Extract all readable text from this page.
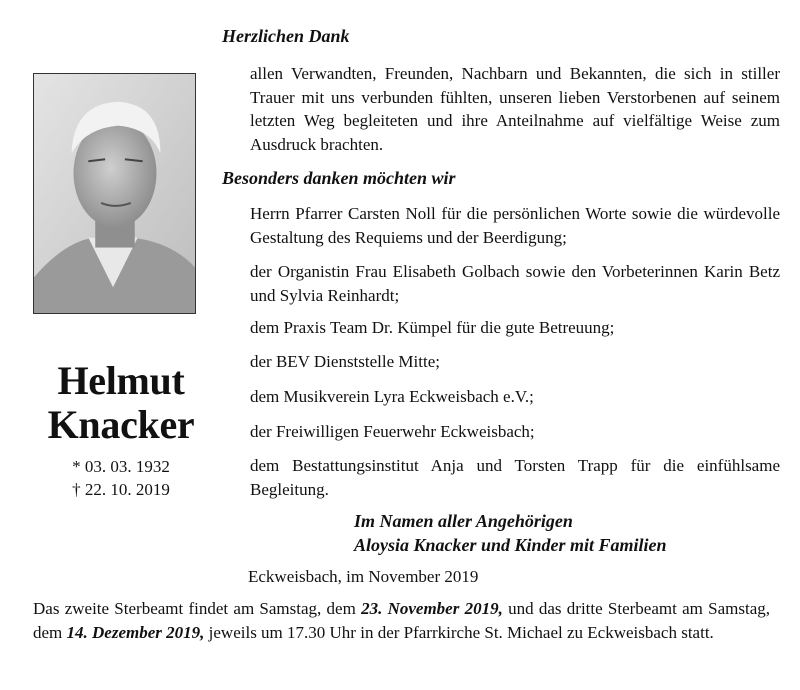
Helmut
Knacker
* 03. 03. 1932
† 22. 10. 2019
Herzlichen Dank
allen Verwandten, Freunden, Nachbarn und Bekannten, die sich in stiller Trauer mit uns verbunden fühlten, unseren lieben Verstorbenen auf seinem letzten Weg begleiteten und ihre Anteilnahme auf vielfältige Weise zum Ausdruck brachten.
Besonders danken möchten wir
Herrn Pfarrer Carsten Noll für die persönlichen Worte sowie die würdevolle Gestaltung des Requiems und der Beerdigung;
der Organistin Frau Elisabeth Golbach sowie den Vorbeterinnen Karin Betz und Sylvia Reinhardt;
dem Praxis Team Dr. Kümpel für die gute Betreuung;
der BEV Dienststelle Mitte;
dem Musikverein Lyra Eckweisbach e.V.;
der Freiwilligen Feuerwehr Eckweisbach;
dem Bestattungsinstitut Anja und Torsten Trapp für die einfühlsame Begleitung.
Im Namen aller Angehörigen
Aloysia Knacker und Kinder mit Familien
Eckweisbach, im November 2019
Das zweite Sterbeamt findet am Samstag, dem 23. November 2019, und das dritte Sterbeamt am Samstag, dem 14. Dezember 2019, jeweils um 17.30 Uhr in der Pfarrkirche St. Michael zu Eckweisbach statt.
